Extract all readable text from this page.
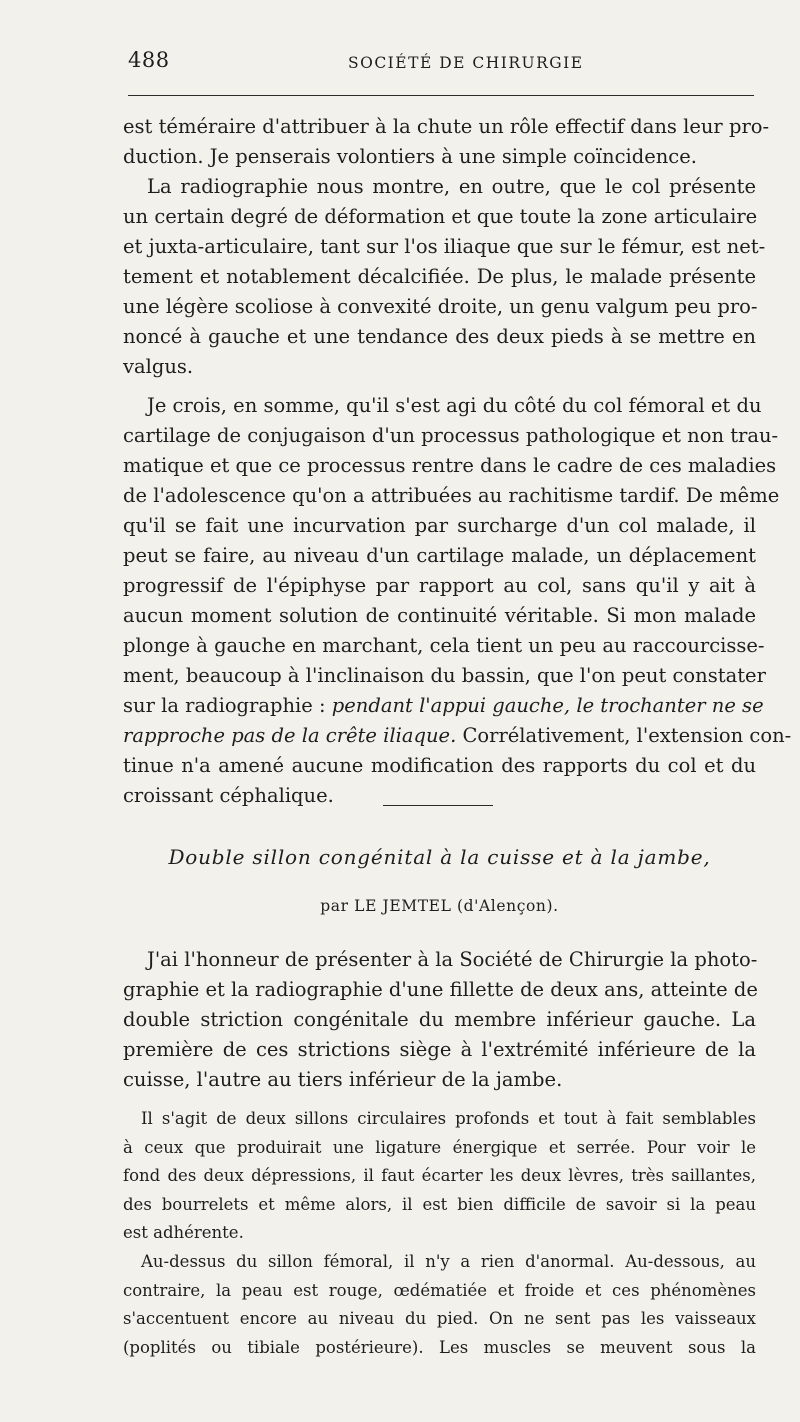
488	SOCIÉTÉ DE CHIRURGIE
est téméraire d'attribuer à la chute un rôle effectif dans leur pro-
duction. Je penserais volontiers à une simple coïncidence.
La radiographie nous montre, en outre, que le col présente
un certain degré de déformation et que toute la zone articulaire
et juxta-articulaire, tant sur l'os iliaque que sur le fémur, est net-
tement et notablement décalcifiée. De plus, le malade présente
une légère scoliose à convexité droite, un genu valgum peu pro-
noncé à gauche et une tendance des deux pieds à se mettre en
valgus.
Je crois, en somme, qu'il s'est agi du côté du col fémoral et du
cartilage de conjugaison d'un processus pathologique et non trau-
matique et que ce processus rentre dans le cadre de ces maladies
de l'adolescence qu'on a attribuées au rachitisme tardif. De même
qu'il se fait une incurvation par surcharge d'un col malade, il
peut se faire, au niveau d'un cartilage malade, un déplacement
progressif de l'épiphyse par rapport au col, sans qu'il y ait à
aucun moment solution de continuité véritable. Si mon malade
plonge à gauche en marchant, cela tient un peu au raccourcisse-
ment, beaucoup à l'inclinaison du bassin, que l'on peut constater
sur la radiographie : pendant l'appui gauche, le trochanter ne se
rapproche pas de la crête iliaque. Corrélativement, l'extension con-
tinue n'a amené aucune modification des rapports du col et du
croissant céphalique.
Double sillon congénital à la cuisse et à la jambe,
par LE JEMTEL (d'Alençon).
J'ai l'honneur de présenter à la Société de Chirurgie la photo-
graphie et la radiographie d'une fillette de deux ans, atteinte de
double striction congénitale du membre inférieur gauche. La
première de ces strictions siège à l'extrémité inférieure de la
cuisse, l'autre au tiers inférieur de la jambe.
Il s'agit de deux sillons circulaires profonds et tout à fait semblables
à ceux que produirait une ligature énergique et serrée. Pour voir le
fond des deux dépressions, il faut écarter les deux lèvres, très saillantes,
des bourrelets et même alors, il est bien difficile de savoir si la peau
est adhérente.
Au-dessus du sillon fémoral, il n'y a rien d'anormal. Au-dessous, au
contraire, la peau est rouge, œdématiée et froide et ces phénomènes
s'accentuent encore au niveau du pied. On ne sent pas les vaisseaux
(poplités ou tibiale postérieure). Les muscles se meuvent sous la
